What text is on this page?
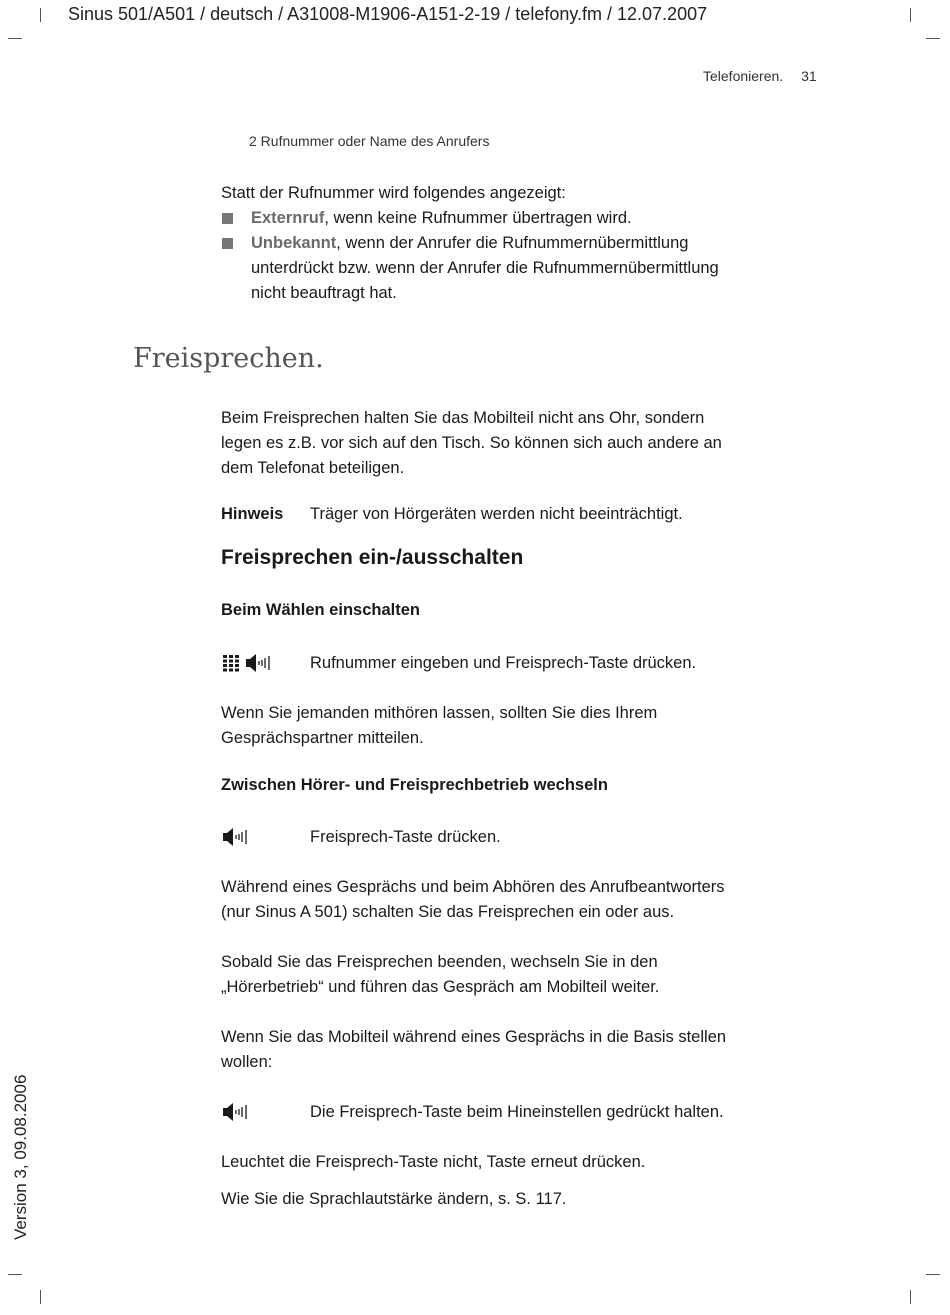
Sinus 501/A501 / deutsch / A31008-M1906-A151-2-19 / telefony.fm / 12.07.2007
Telefonieren. 31
2 Rufnummer oder Name des Anrufers
Statt der Rufnummer wird folgendes angezeigt:
Externruf, wenn keine Rufnummer übertragen wird.
Unbekannt, wenn der Anrufer die Rufnummernübermittlung unterdrückt bzw. wenn der Anrufer die Rufnummernübermittlung nicht beauftragt hat.
Freisprechen.
Beim Freisprechen halten Sie das Mobilteil nicht ans Ohr, sondern legen es z.B. vor sich auf den Tisch. So können sich auch andere an dem Telefonat beteiligen.
Hinweis Träger von Hörgeräten werden nicht beeinträchtigt.
Freisprechen ein-/ausschalten
Beim Wählen einschalten
Rufnummer eingeben und Freisprech-Taste drücken.
Wenn Sie jemanden mithören lassen, sollten Sie dies Ihrem Gesprächspartner mitteilen.
Zwischen Hörer- und Freisprechbetrieb wechseln
Freisprech-Taste drücken.
Während eines Gesprächs und beim Abhören des Anrufbeantworters (nur Sinus A 501) schalten Sie das Freisprechen ein oder aus.
Sobald Sie das Freisprechen beenden, wechseln Sie in den „Hörerbetrieb“ und führen das Gespräch am Mobilteil weiter.
Wenn Sie das Mobilteil während eines Gesprächs in die Basis stellen wollen:
Die Freisprech-Taste beim Hineinstellen gedrückt halten.
Leuchtet die Freisprech-Taste nicht, Taste erneut drücken.
Wie Sie die Sprachlautstärke ändern, s. S. 117.
Version 3, 09.08.2006
